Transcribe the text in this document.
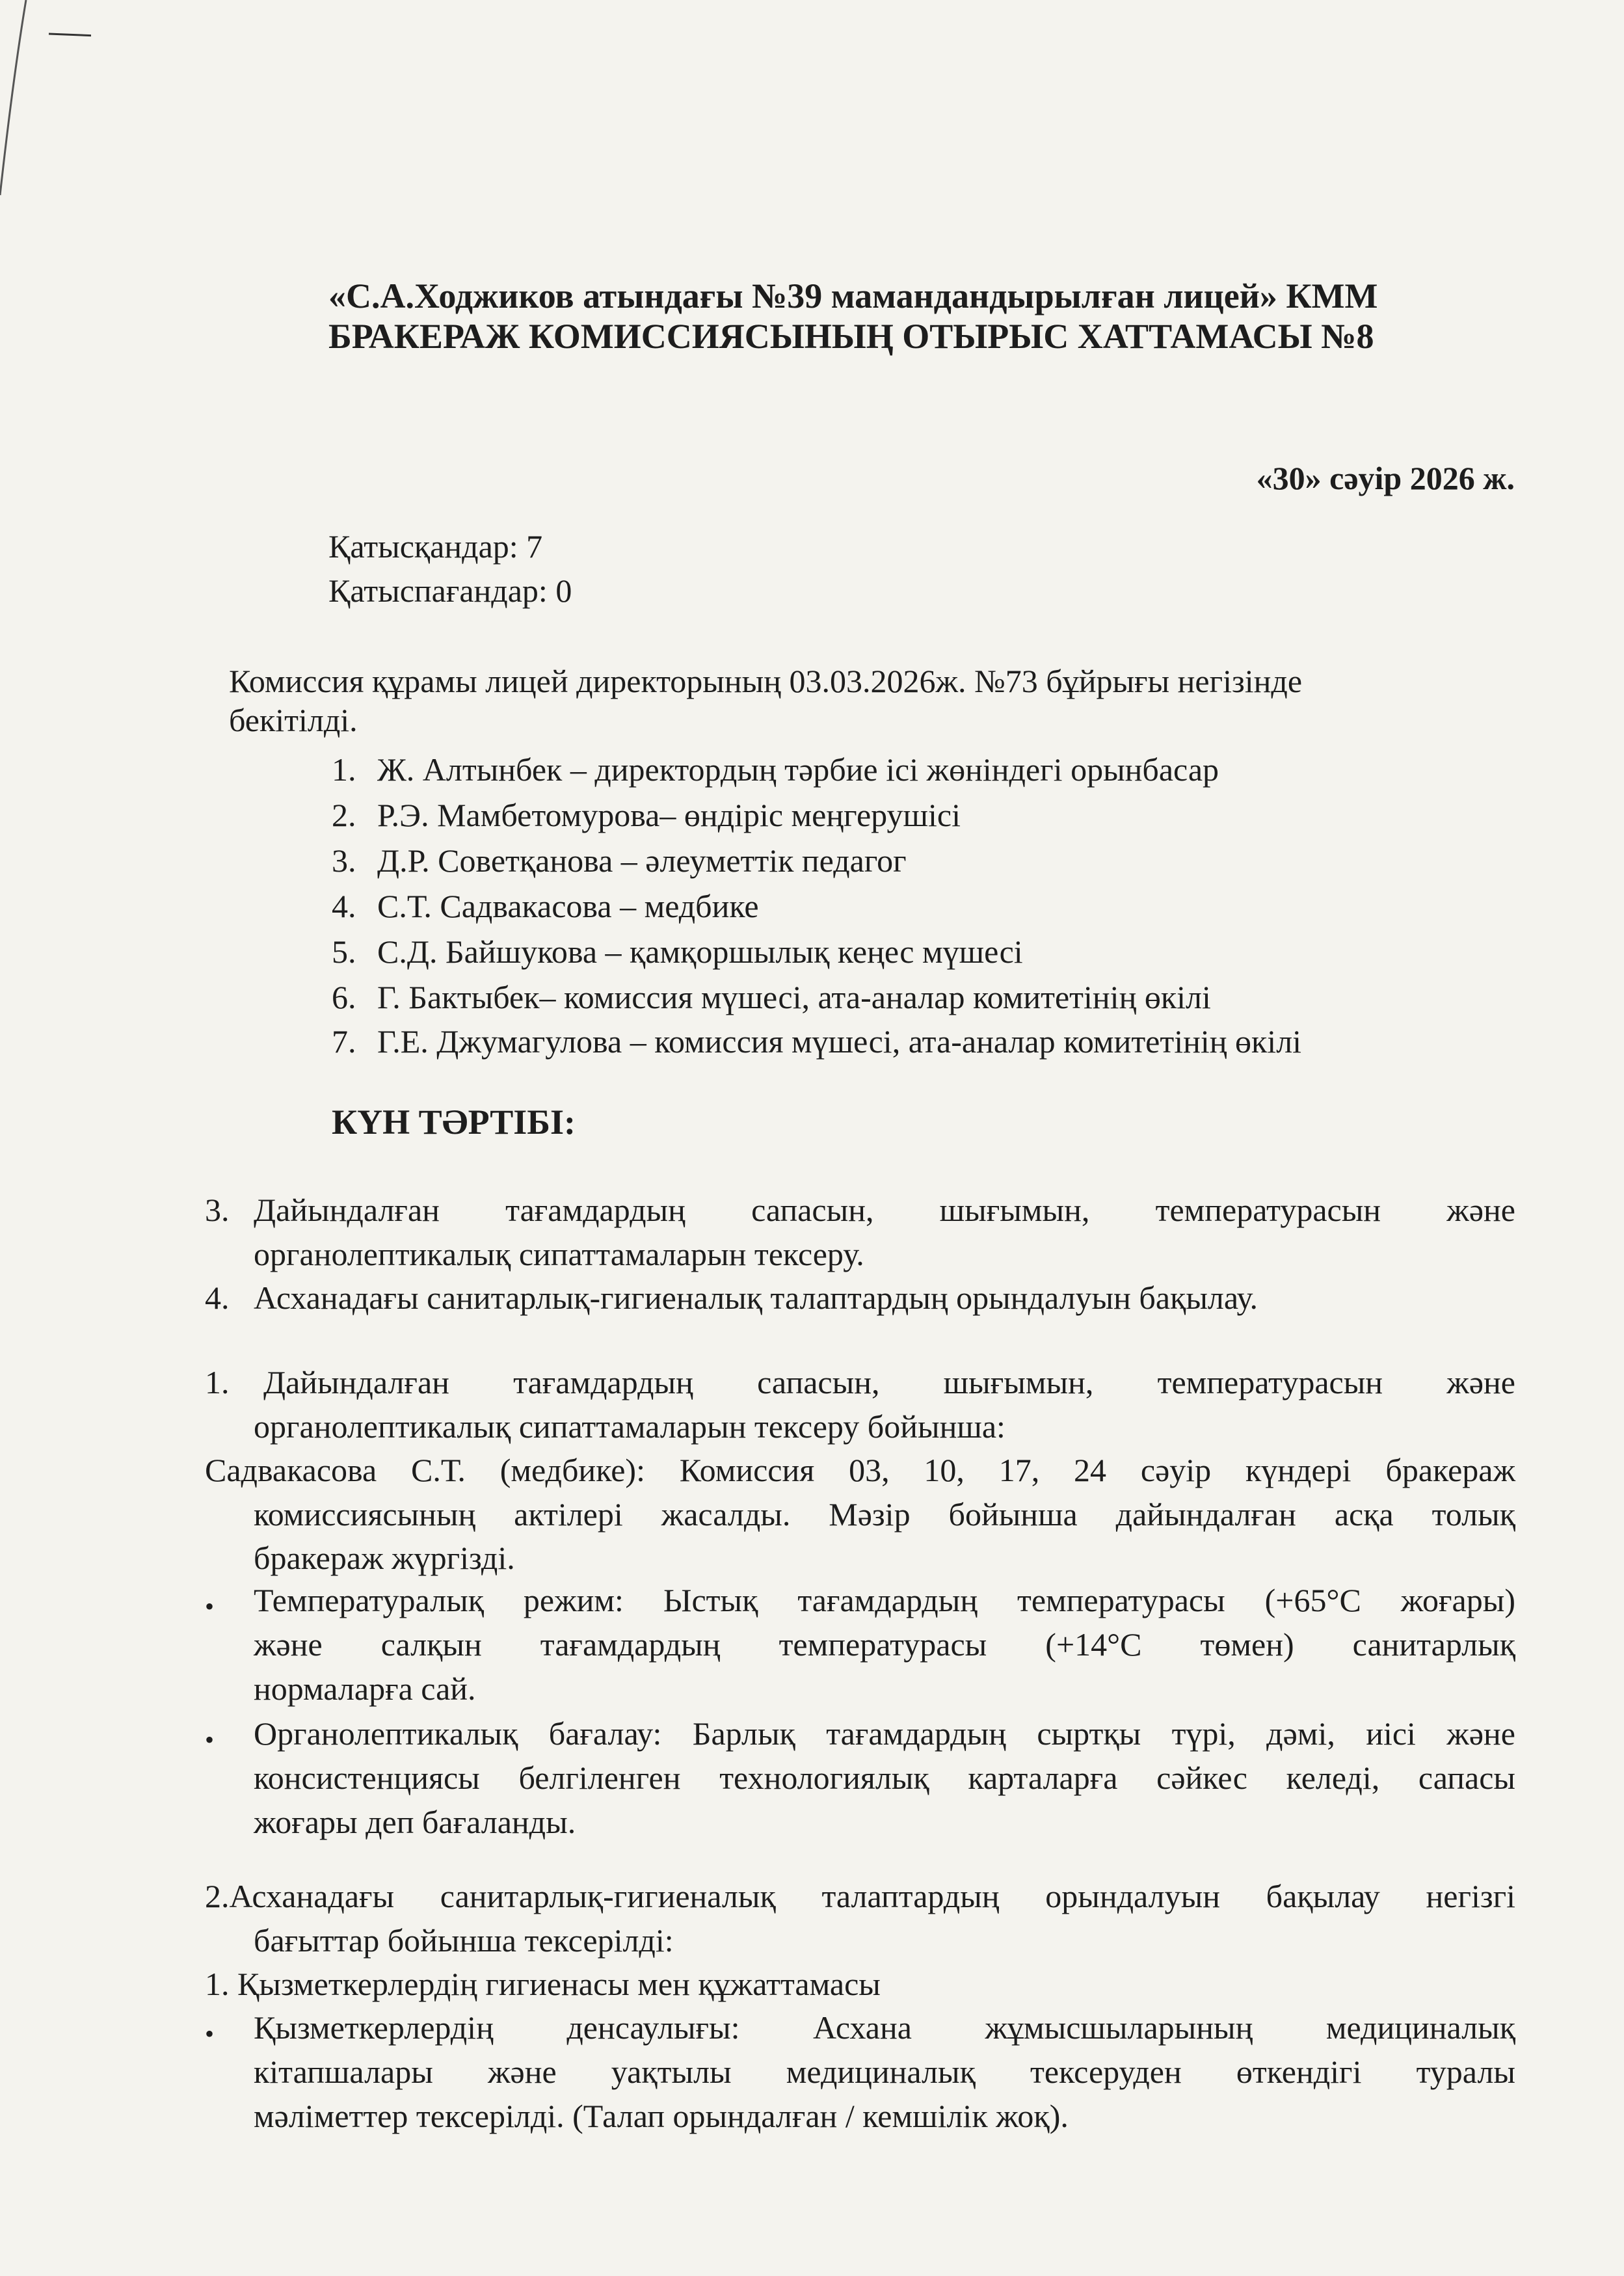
«С.А.Ходжиков атындағы №39 мамандандырылған лицей» КММ
БРАКЕРАЖ КОМИССИЯСЫНЫҢ ОТЫРЫС ХАТТАМАСЫ №8
«30» сәуір 2026 ж.
Қатысқандар: 7
Қатыспағандар: 0
Комиссия құрамы лицей директорының 03.03.2026ж. №73 бұйрығы негізінде
бекітілді.
1. Ж. Алтынбек – директордың тәрбие ісі жөніндегі орынбасар
2. Р.Э. Мамбетомурова– өндіріс меңгерушісі
3. Д.Р. Советқанова – әлеуметтік педагог
4. С.Т. Садвакасова – медбике
5. С.Д. Байшукова – қамқоршылық кеңес мүшесі
6. Г. Бактыбек– комиссия мүшесі, ата-аналар комитетінің өкілі
7. Г.Е. Джумагулова – комиссия мүшесі, ата-аналар комитетінің өкілі
КҮН ТӘРТІБІ:
3. Дайындалған тағамдардың сапасын, шығымын, температурасын және
органолептикалық сипаттамаларын тексеру.
4. Асханадағы санитарлық-гигиеналық талаптардың орындалуын бақылау.
1. Дайындалған тағамдардың сапасын, шығымын, температурасын және
органолептикалық сипаттамаларын тексеру бойынша:
Садвакасова С.Т. (медбике): Комиссия 03, 10, 17, 24 сәуір күндері бракераж
комиссиясының актілері жасалды. Мәзір бойынша дайындалған асқа толық
бракераж жүргізді.
• Температуралық режим: Ыстық тағамдардың температурасы (+65°C жоғары)
және салқын тағамдардың температурасы (+14°C төмен) санитарлық
нормаларға сай.
• Органолептикалық бағалау: Барлық тағамдардың сыртқы түрі, дәмі, иісі және
консистенциясы белгіленген технологиялық карталарға сәйкес келеді, сапасы
жоғары деп бағаланды.
2.Асханадағы санитарлық-гигиеналық талаптардың орындалуын бақылау негізгі
бағыттар бойынша тексерілді:
1. Қызметкерлердің гигиенасы мен құжаттамасы
• Қызметкерлердің денсаулығы: Асхана жұмысшыларының медициналық
кітапшалары және уақтылы медициналық тексеруден өткендігі туралы
мәліметтер тексерілді. (Талап орындалған / кемшілік жоқ).
